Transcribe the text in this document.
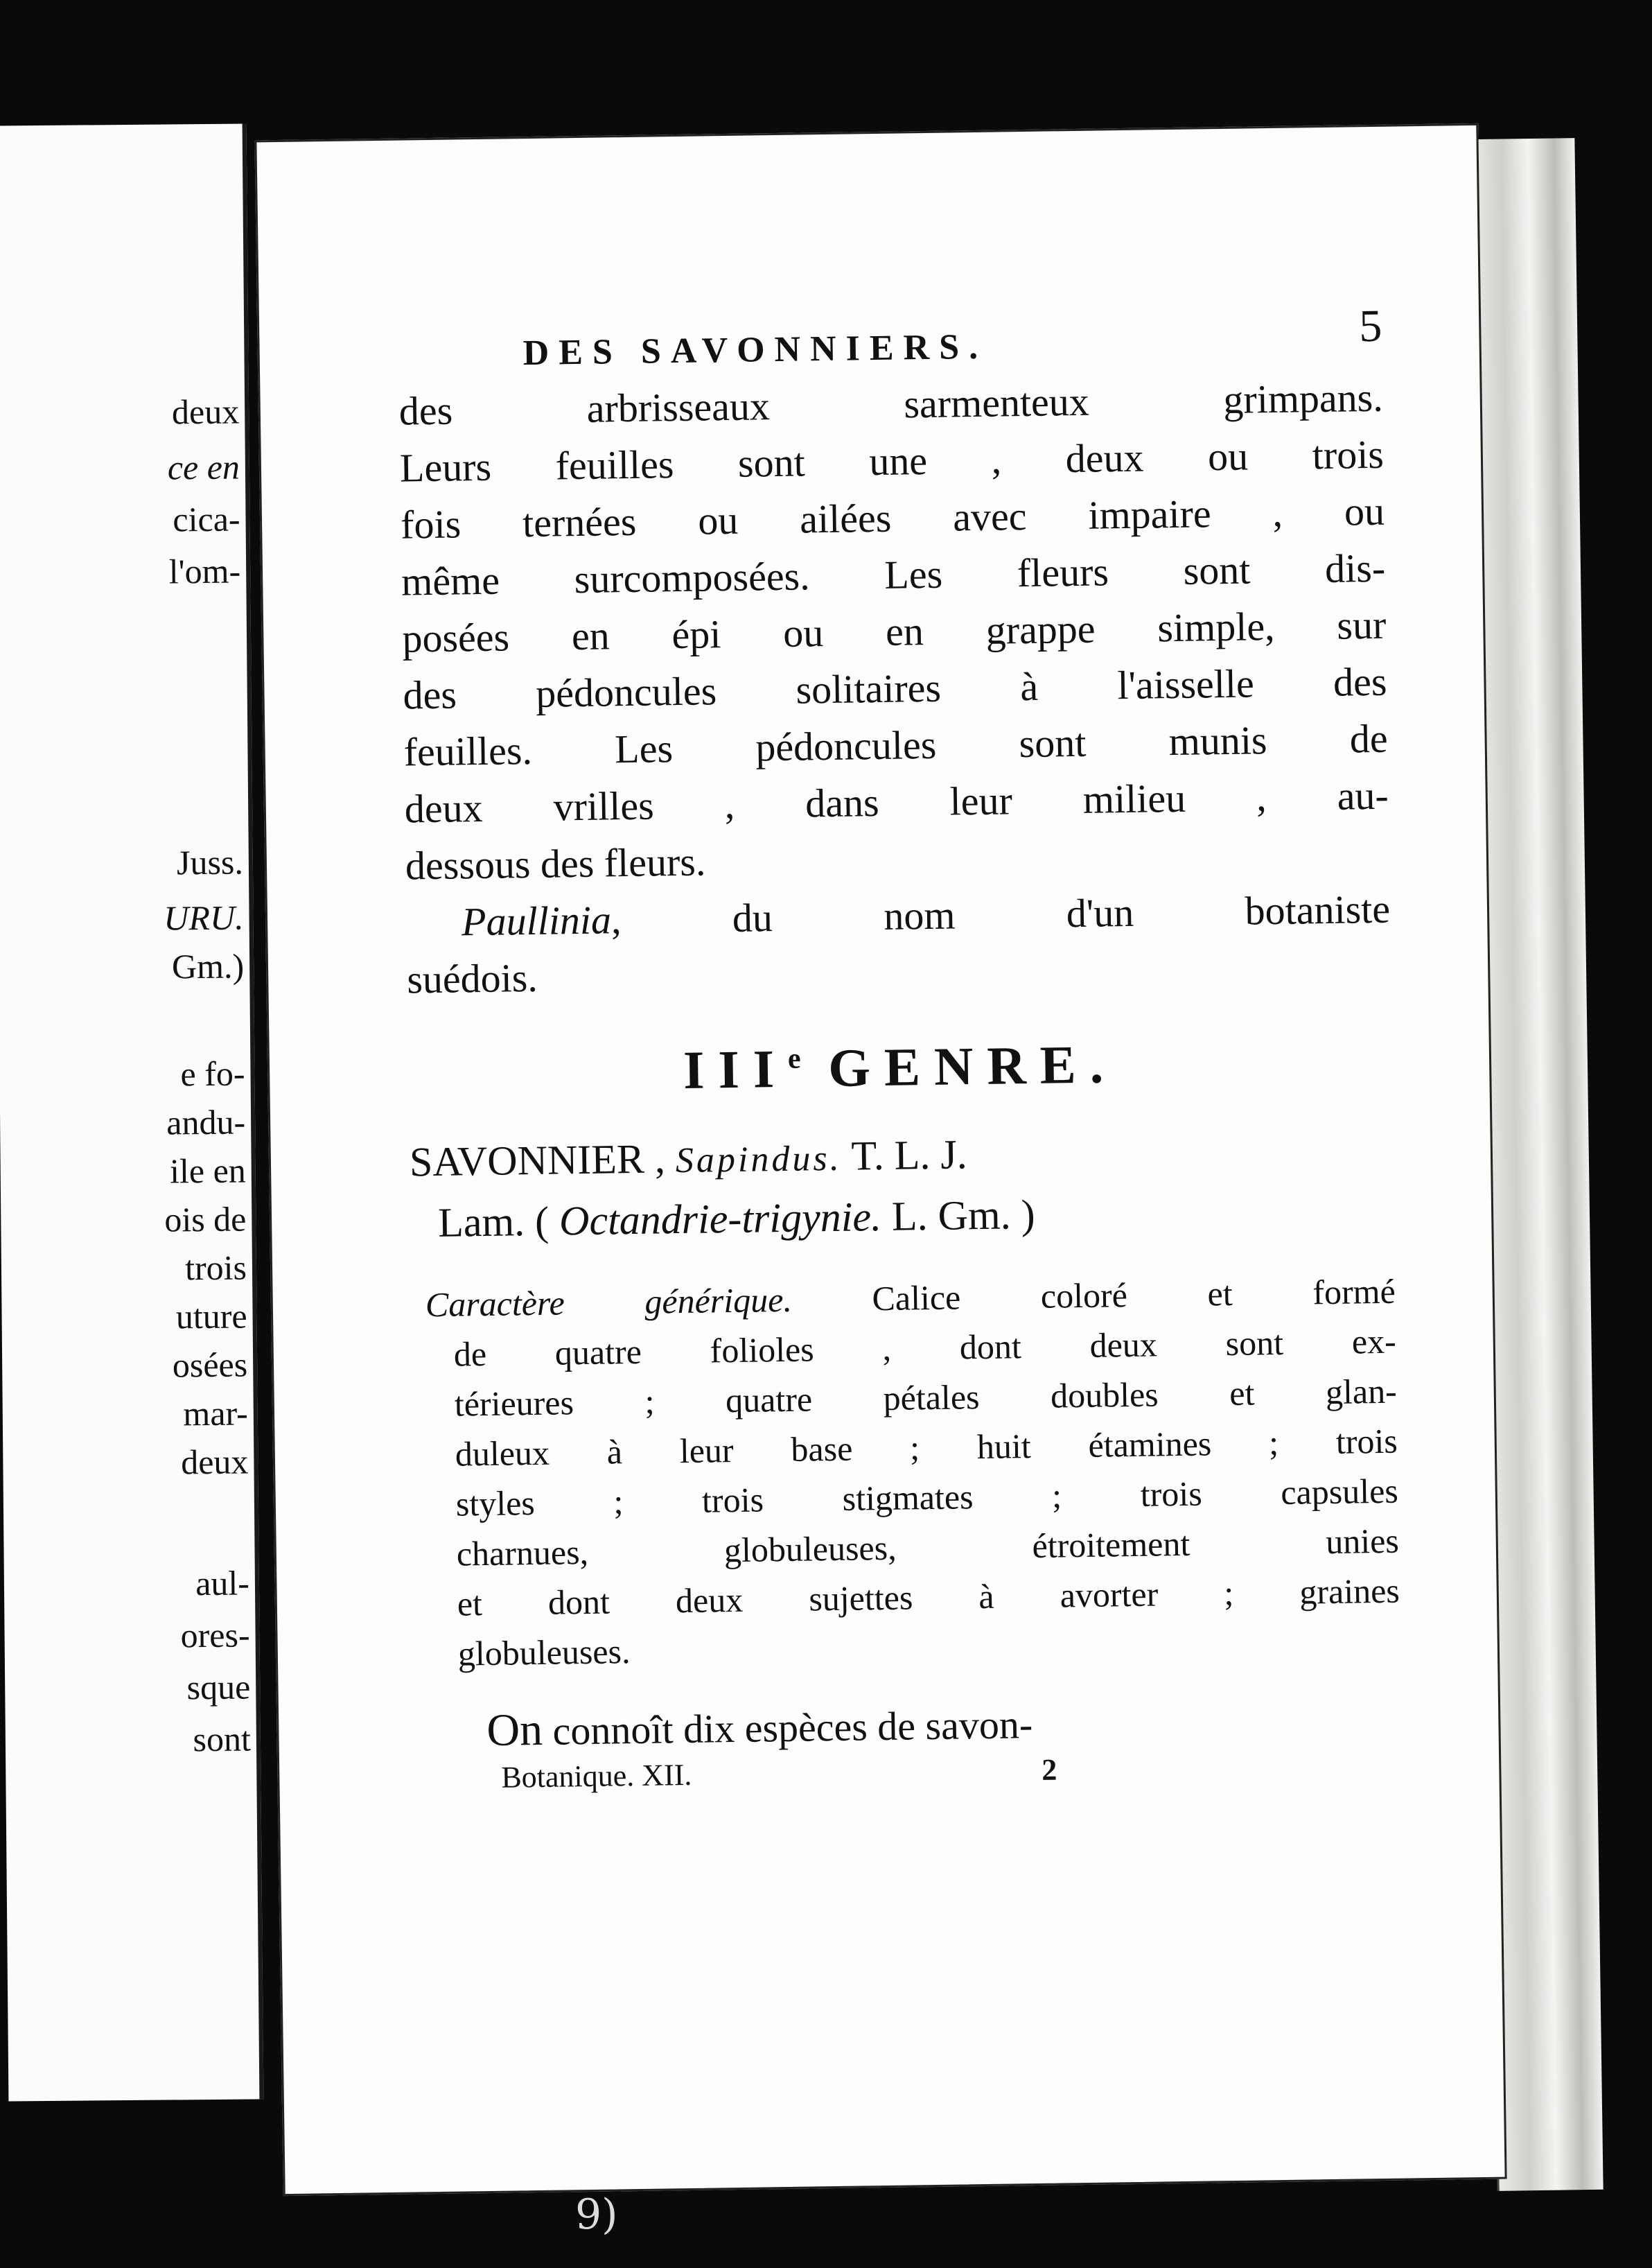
deux
ce en
cica-
l'om-
Juss.
URU.
Gm.)
e fo-
andu-
ile en
ois de
trois
uture
osées
mar-
deux
aul-
ores-
sque
sont
DES SAVONNIERS.	5
des arbrisseaux sarmenteux grimpans.
Leurs feuilles sont une , deux ou trois
fois ternées ou ailées avec impaire , ou
même surcomposées. Les fleurs sont dis-
posées en épi ou en grappe simple, sur
des pédoncules solitaires à l'aisselle des
feuilles. Les pédoncules sont munis de
deux vrilles , dans leur milieu , au-
dessous des fleurs.
Paullinia, du nom d'un botaniste
suédois.
IIIe GENRE.
SAVONNIER , Sapindus. T. L. J.
Lam. ( Octandrie-trigynie. L. Gm. )
Caractère générique. Calice coloré et formé
de quatre folioles , dont deux sont ex-
térieures ; quatre pétales doubles et glan-
duleux à leur base ; huit étamines ; trois
styles ; trois stigmates ; trois capsules
charnues, globuleuses, étroitement unies
et dont deux sujettes à avorter ; graines
globuleuses.
On connoît dix espèces de savon-
Botanique. XII.	2
9)
